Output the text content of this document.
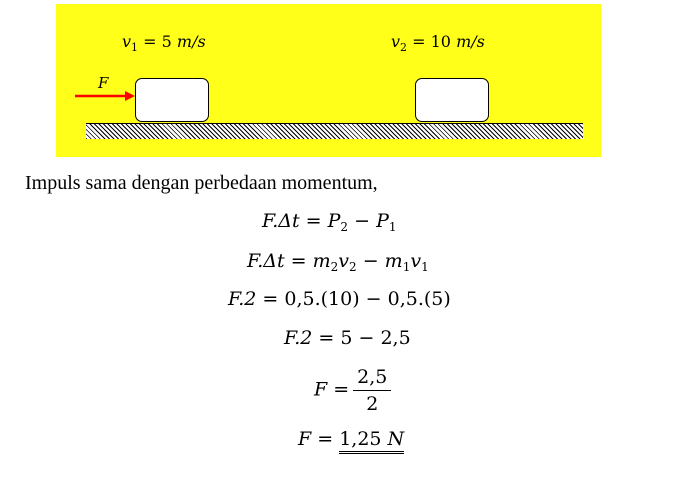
$v_1 = 5$ m/s	$v_2 = 10$ m/s
F
Impuls sama dengan perbedaan momentum,
$F.\Delta t = P_2 - P_1$
$F.\Delta t = m_2v_2 - m_1v_1$
F.2 = 0,5.(10) − 0,5.(5)
F.2 = 5 − 2,5
$F = \frac{2,5}{2}$
F = 1,25 N
